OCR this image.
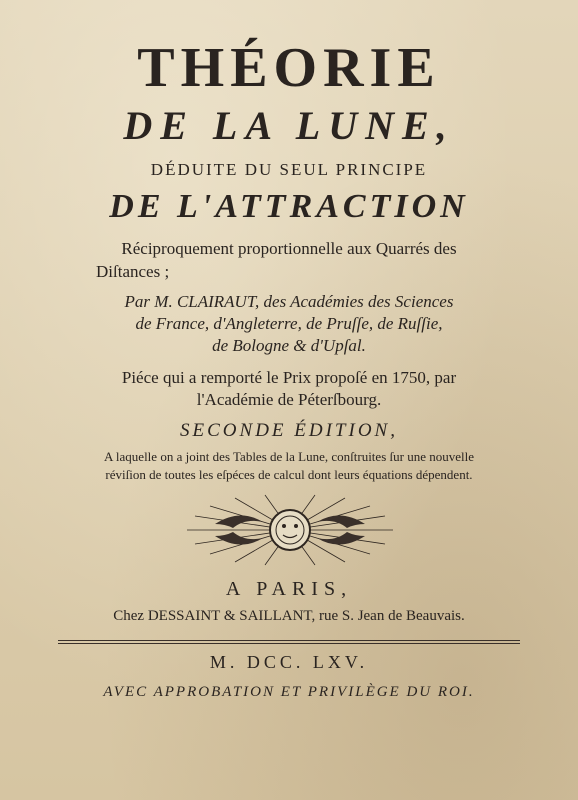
THÉORIE
DE LA LUNE,
DÉDUITE DU SEUL PRINCIPE
DE L'ATTRACTION
Réciproquement proportionnelle aux Quarrés des
Diſtances ;
Par M. CLAIRAUT, des Académies des Sciences
de France, d'Angleterre, de Pruſſe, de Ruſſie,
de Bologne & d'Upſal.
Piéce qui a remporté le Prix propoſé en 1750, par
l'Académie de Péterſbourg.
SECONDE ÉDITION,
A laquelle on a joint des Tables de la Lune, conſtruites ſur une nouvelle
réviſion de toutes les eſpéces de calcul dont leurs équations dépendent.
A PARIS,
Chez DESSAINT & SAILLANT, rue S. Jean de Beauvais.
M. DCC. LXV.
AVEC APPROBATION ET PRIVILÈGE DU ROI.
